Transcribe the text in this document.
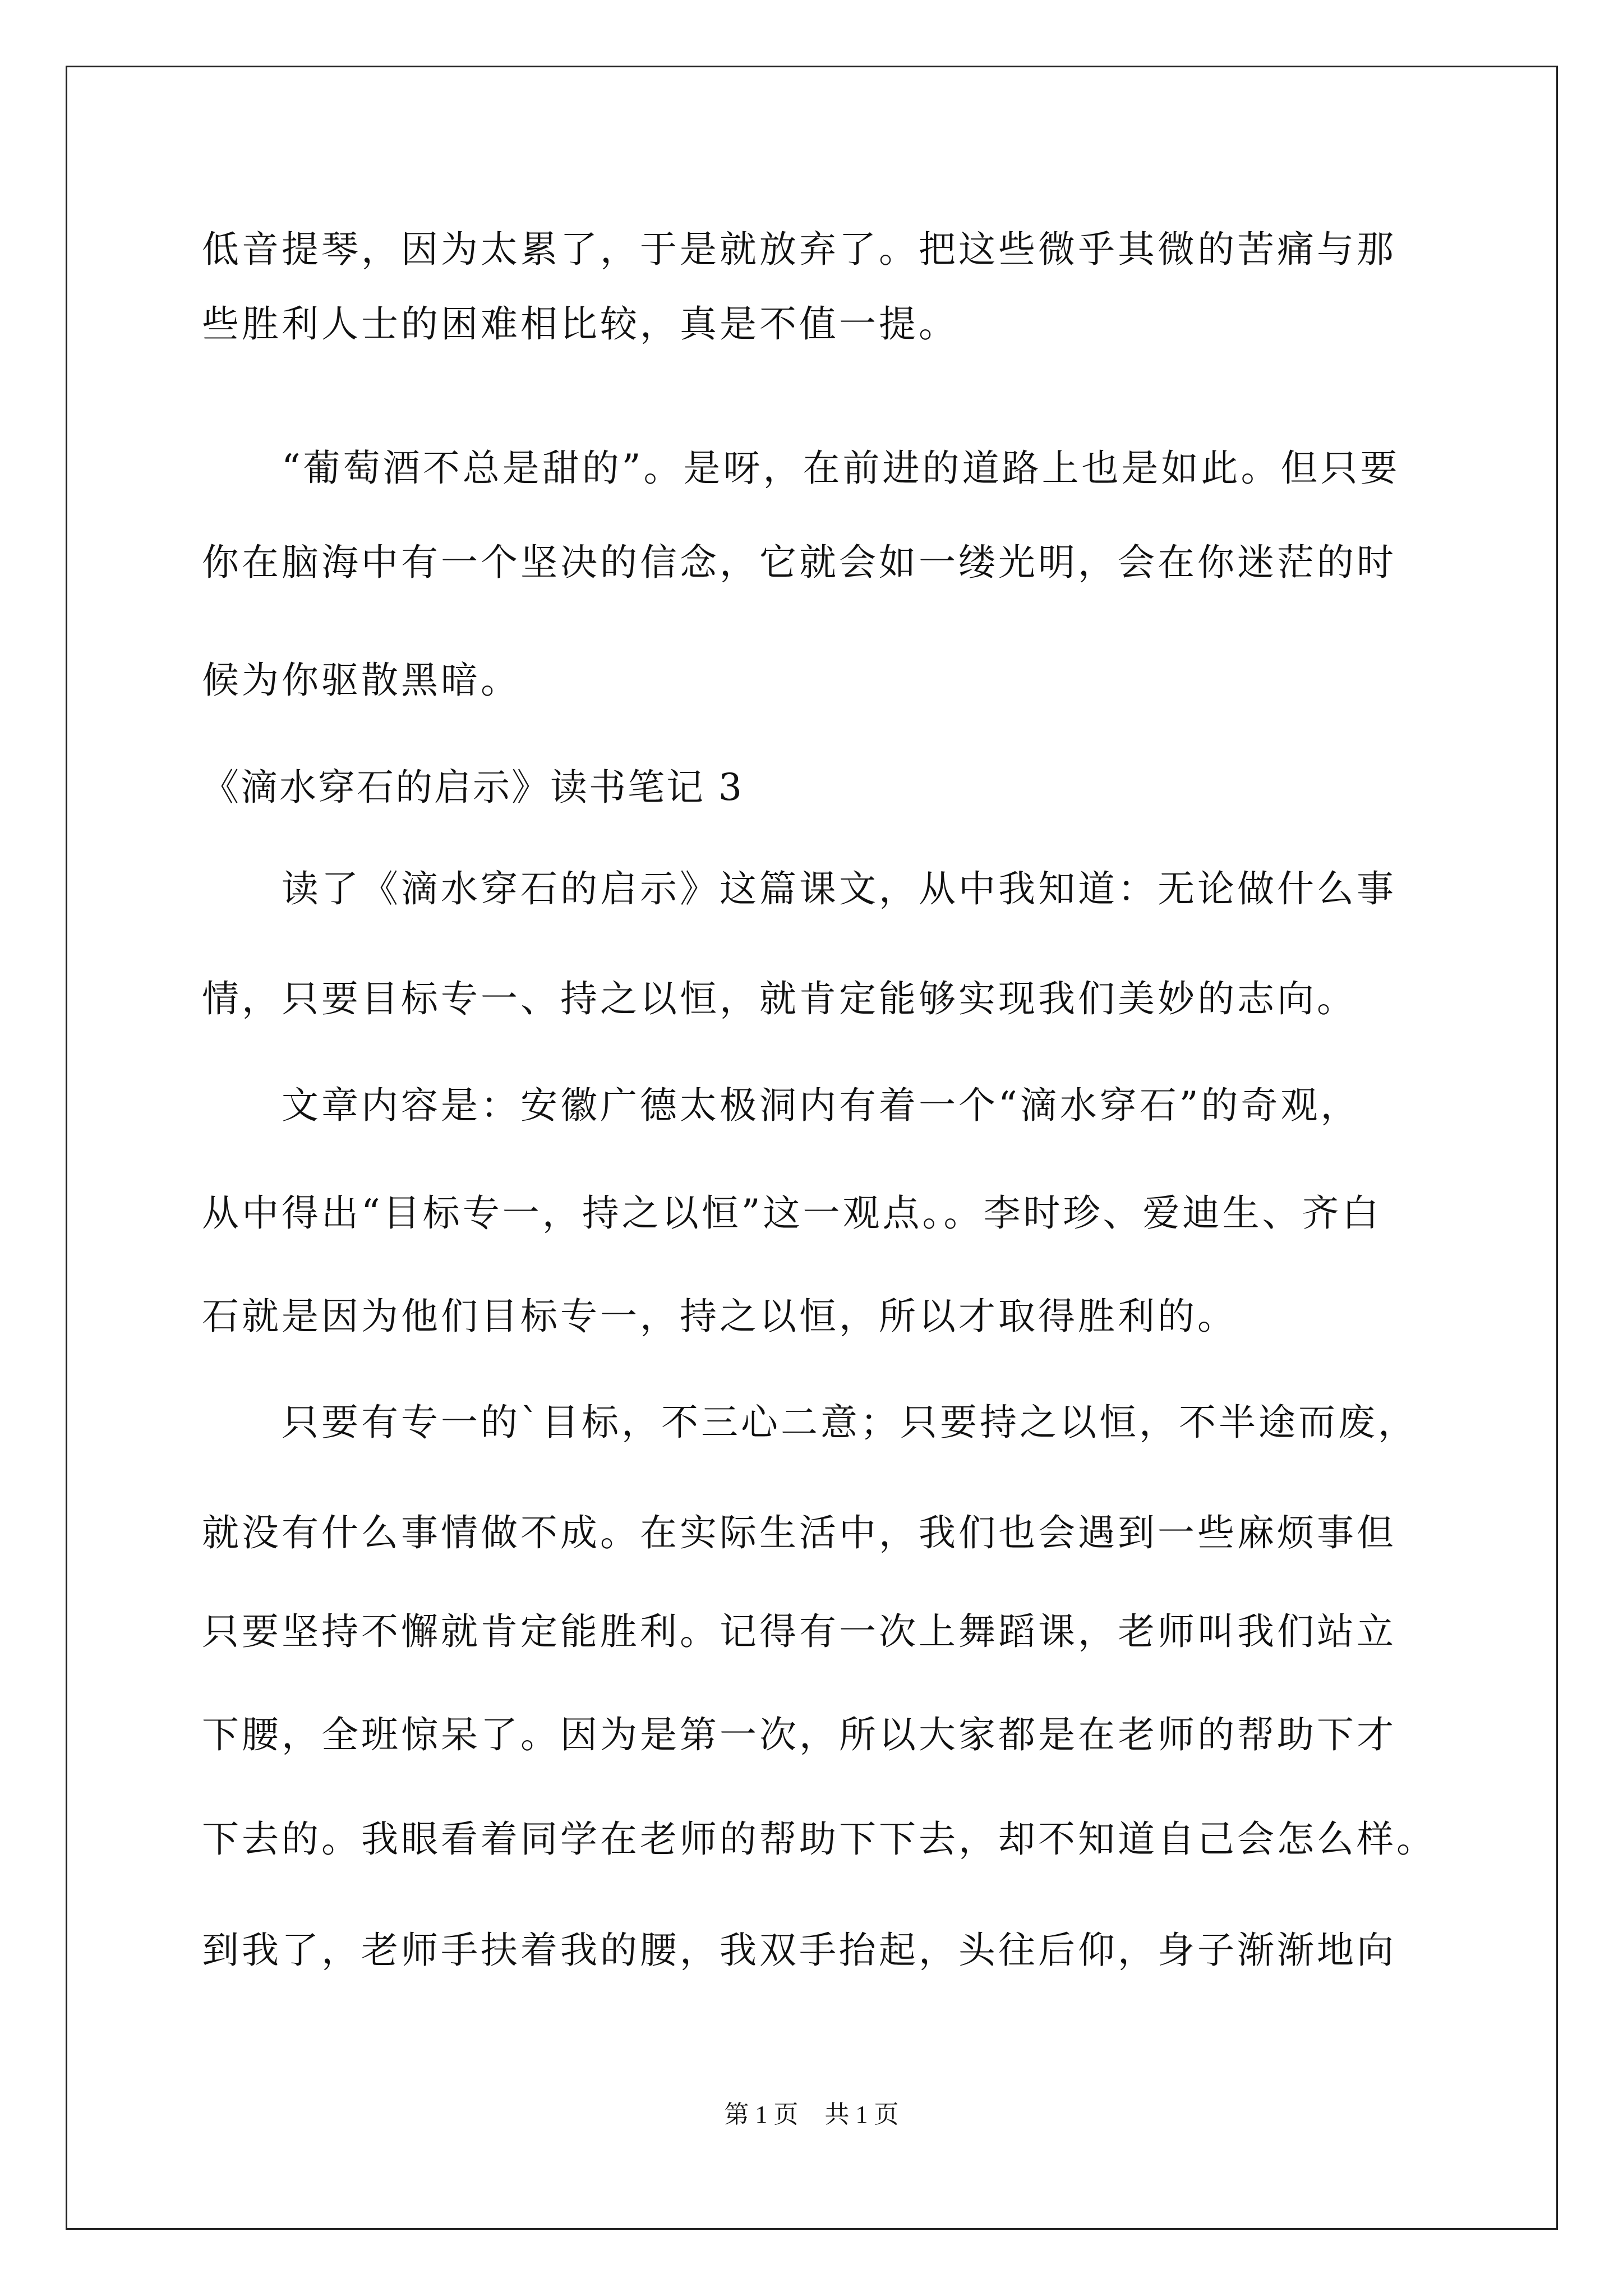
低音提琴，因为太累了，于是就放弃了。把这些微乎其微的苦痛与那
些胜利人士的困难相比较，真是不值一提。
“葡萄酒不总是甜的”。是呀，在前进的道路上也是如此。但只要
你在脑海中有一个坚决的信念，它就会如一缕光明，会在你迷茫的时
候为你驱散黑暗。
《滴水穿石的启示》读书笔记 3
读了《滴水穿石的启示》这篇课文，从中我知道：无论做什么事
情，只要目标专一、持之以恒，就肯定能够实现我们美妙的志向。
文章内容是：安徽广德太极洞内有着一个“滴水穿石”的奇观，
从中得出“目标专一，持之以恒”这一观点。。李时珍、爱迪生、齐白
石就是因为他们目标专一，持之以恒，所以才取得胜利的。
只要有专一的`目标，不三心二意；只要持之以恒，不半途而废，
就没有什么事情做不成。在实际生活中，我们也会遇到一些麻烦事但
只要坚持不懈就肯定能胜利。记得有一次上舞蹈课，老师叫我们站立
下腰，全班惊呆了。因为是第一次，所以大家都是在老师的帮助下才
下去的。我眼看着同学在老师的帮助下下去，却不知道自己会怎么样。
到我了，老师手扶着我的腰，我双手抬起，头往后仰，身子渐渐地向
第 1 页 共 1 页
